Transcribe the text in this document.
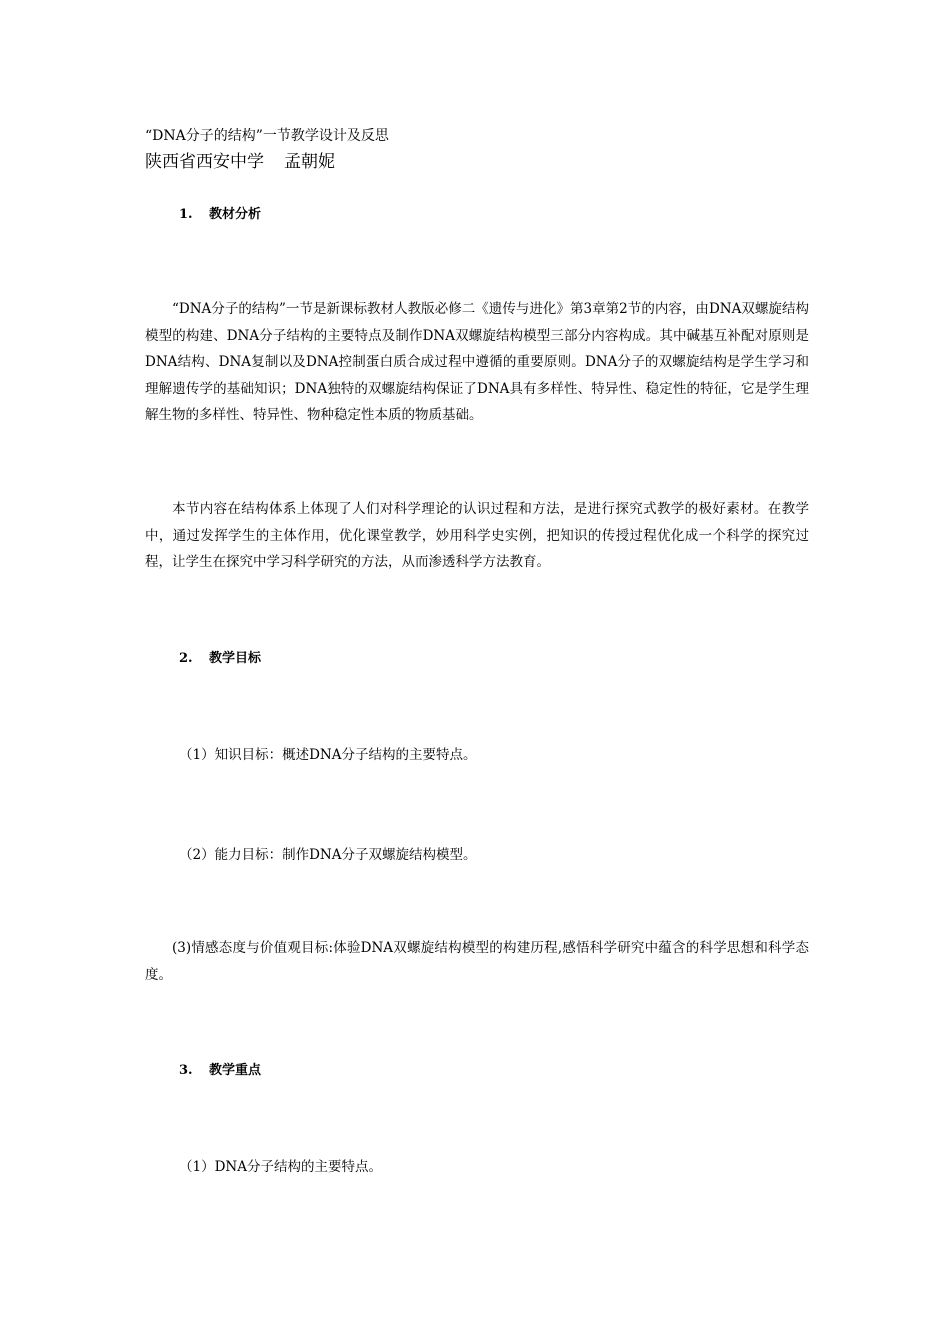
“DNA分子的结构”一节教学设计及反思

陕西省西安中学 孟朝妮

1. 教材分析

“DNA分子的结构”一节是新课标教材人教版必修二《遗传与进化》第3章第2节的内容，由DNA双螺旋结构模型的构建、DNA分子结构的主要特点及制作DNA双螺旋结构模型三部分内容构成。其中碱基互补配对原则是DNA结构、DNA复制以及DNA控制蛋白质合成过程中遵循的重要原则。DNA分子的双螺旋结构是学生学习和理解遗传学的基础知识；DNA独特的双螺旋结构保证了DNA具有多样性、特异性、稳定性的特征，它是学生理解生物的多样性、特异性、物种稳定性本质的物质基础。

本节内容在结构体系上体现了人们对科学理论的认识过程和方法，是进行探究式教学的极好素材。在教学中，通过发挥学生的主体作用，优化课堂教学，妙用科学史实例，把知识的传授过程优化成一个科学的探究过程，让学生在探究中学习科学研究的方法，从而渗透科学方法教育。

2. 教学目标

（1）知识目标：概述DNA分子结构的主要特点。

（2）能力目标：制作DNA分子双螺旋结构模型。

(3)情感态度与价值观目标:体验DNA双螺旋结构模型的构建历程,感悟科学研究中蕴含的科学思想和科学态度。

3. 教学重点

（1）DNA分子结构的主要特点。
